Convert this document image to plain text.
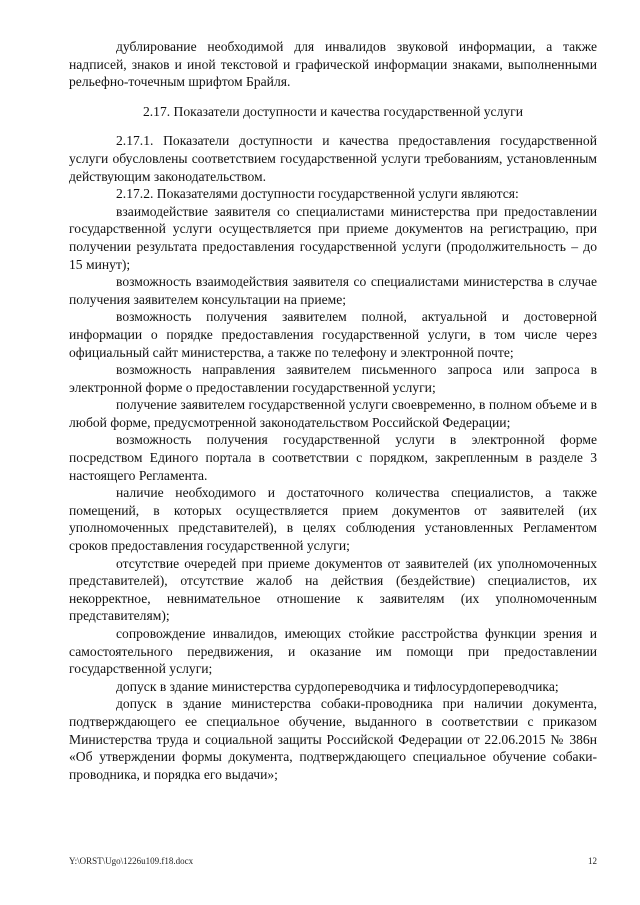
дублирование необходимой для инвалидов звуковой информации, а также надписей, знаков и иной текстовой и графической информации знаками, выполненными рельефно-точечным шрифтом Брайля.

2.17. Показатели доступности и качества государственной услуги

2.17.1. Показатели доступности и качества предоставления государственной услуги обусловлены соответствием государственной услуги требованиям, установленным действующим законодательством.

2.17.2. Показателями доступности государственной услуги являются:

взаимодействие заявителя со специалистами министерства при предоставлении государственной услуги осуществляется при приеме документов на регистрацию, при получении результата предоставления государственной услуги (продолжительность – до 15 минут);

возможность взаимодействия заявителя со специалистами министерства в случае получения заявителем консультации на приеме;

возможность получения заявителем полной, актуальной и достоверной информации о порядке предоставления государственной услуги, в том числе через официальный сайт министерства, а также по телефону и электронной почте;

возможность направления заявителем письменного запроса или запроса в электронной форме о предоставлении государственной услуги;

получение заявителем государственной услуги своевременно, в полном объеме и в любой форме, предусмотренной законодательством Российской Федерации;

возможность получения государственной услуги в электронной форме посредством Единого портала в соответствии с порядком, закрепленным в разделе 3 настоящего Регламента.

наличие необходимого и достаточного количества специалистов, а также помещений, в которых осуществляется прием документов от заявителей (их уполномоченных представителей), в целях соблюдения установленных Регламентом сроков предоставления государственной услуги;

отсутствие очередей при приеме документов от заявителей (их уполномоченных представителей), отсутствие жалоб на действия (бездействие) специалистов, их некорректное, невнимательное отношение к заявителям (их уполномоченным представителям);

сопровождение инвалидов, имеющих стойкие расстройства функции зрения и самостоятельного передвижения, и оказание им помощи при предоставлении государственной услуги;

допуск в здание министерства сурдопереводчика и тифлосурдопереводчика;

допуск в здание министерства собаки-проводника при наличии документа, подтверждающего ее специальное обучение, выданного в соответствии с приказом Министерства труда и социальной защиты Российской Федерации от 22.06.2015 № 386н «Об утверждении формы документа, подтверждающего специальное обучение собаки-проводника, и порядка его выдачи»;

Y:\ORST\Ugo\1226u109.f18.docx	12
